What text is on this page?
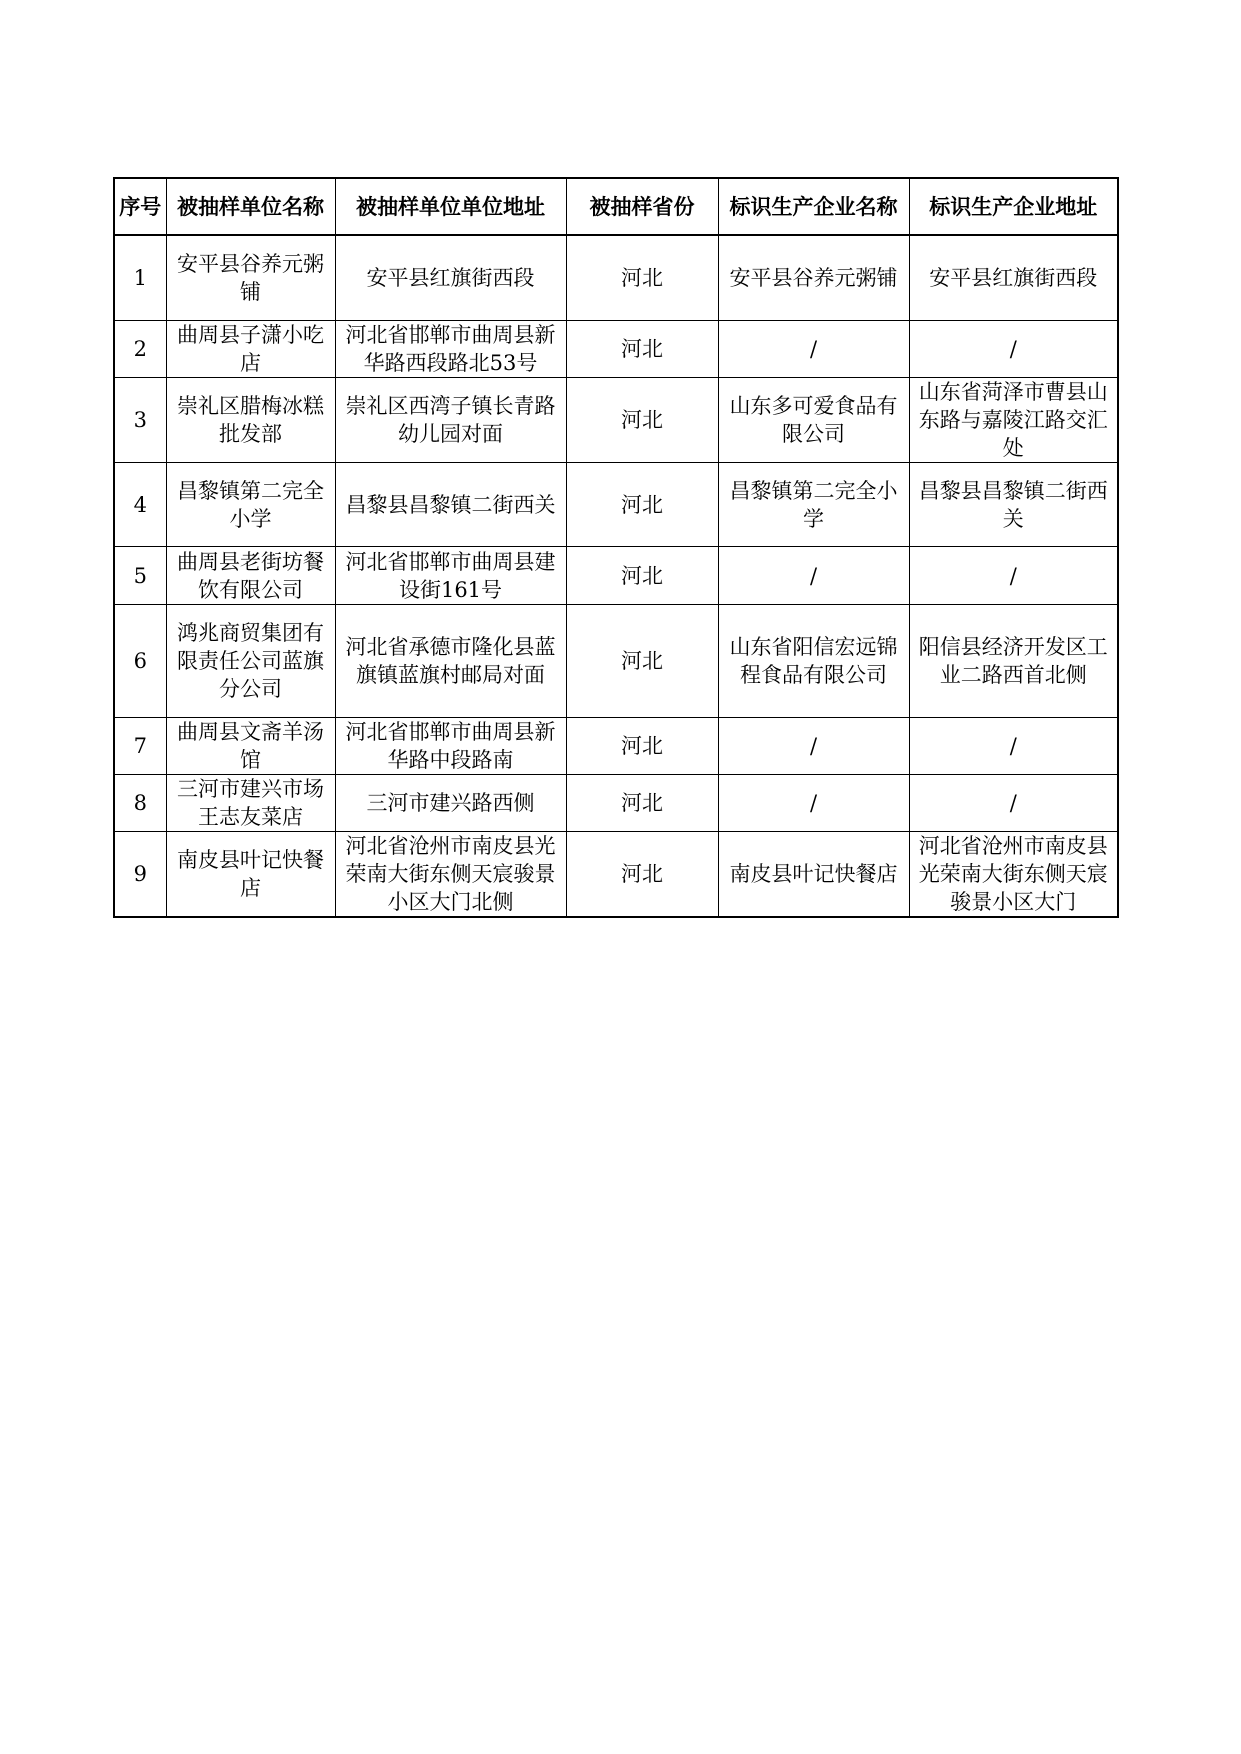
序号	被抽样单位名称	被抽样单位单位地址	被抽样省份	标识生产企业名称	标识生产企业地址
1	安平县谷养元粥铺	安平县红旗街西段	河北	安平县谷养元粥铺	安平县红旗街西段
2	曲周县子潇小吃店	河北省邯郸市曲周县新华路西段路北53号	河北	/	/
3	崇礼区腊梅冰糕批发部	崇礼区西湾子镇长青路幼儿园对面	河北	山东多可爱食品有限公司	山东省菏泽市曹县山东路与嘉陵江路交汇处
4	昌黎镇第二完全小学	昌黎县昌黎镇二街西关	河北	昌黎镇第二完全小学	昌黎县昌黎镇二街西关
5	曲周县老街坊餐饮有限公司	河北省邯郸市曲周县建设街161号	河北	/	/
6	鸿兆商贸集团有限责任公司蓝旗分公司	河北省承德市隆化县蓝旗镇蓝旗村邮局对面	河北	山东省阳信宏远锦程食品有限公司	阳信县经济开发区工业二路西首北侧
7	曲周县文斋羊汤馆	河北省邯郸市曲周县新华路中段路南	河北	/	/
8	三河市建兴市场王志友菜店	三河市建兴路西侧	河北	/	/
9	南皮县叶记快餐店	河北省沧州市南皮县光荣南大街东侧天宸骏景小区大门北侧	河北	南皮县叶记快餐店	河北省沧州市南皮县光荣南大街东侧天宸骏景小区大门
